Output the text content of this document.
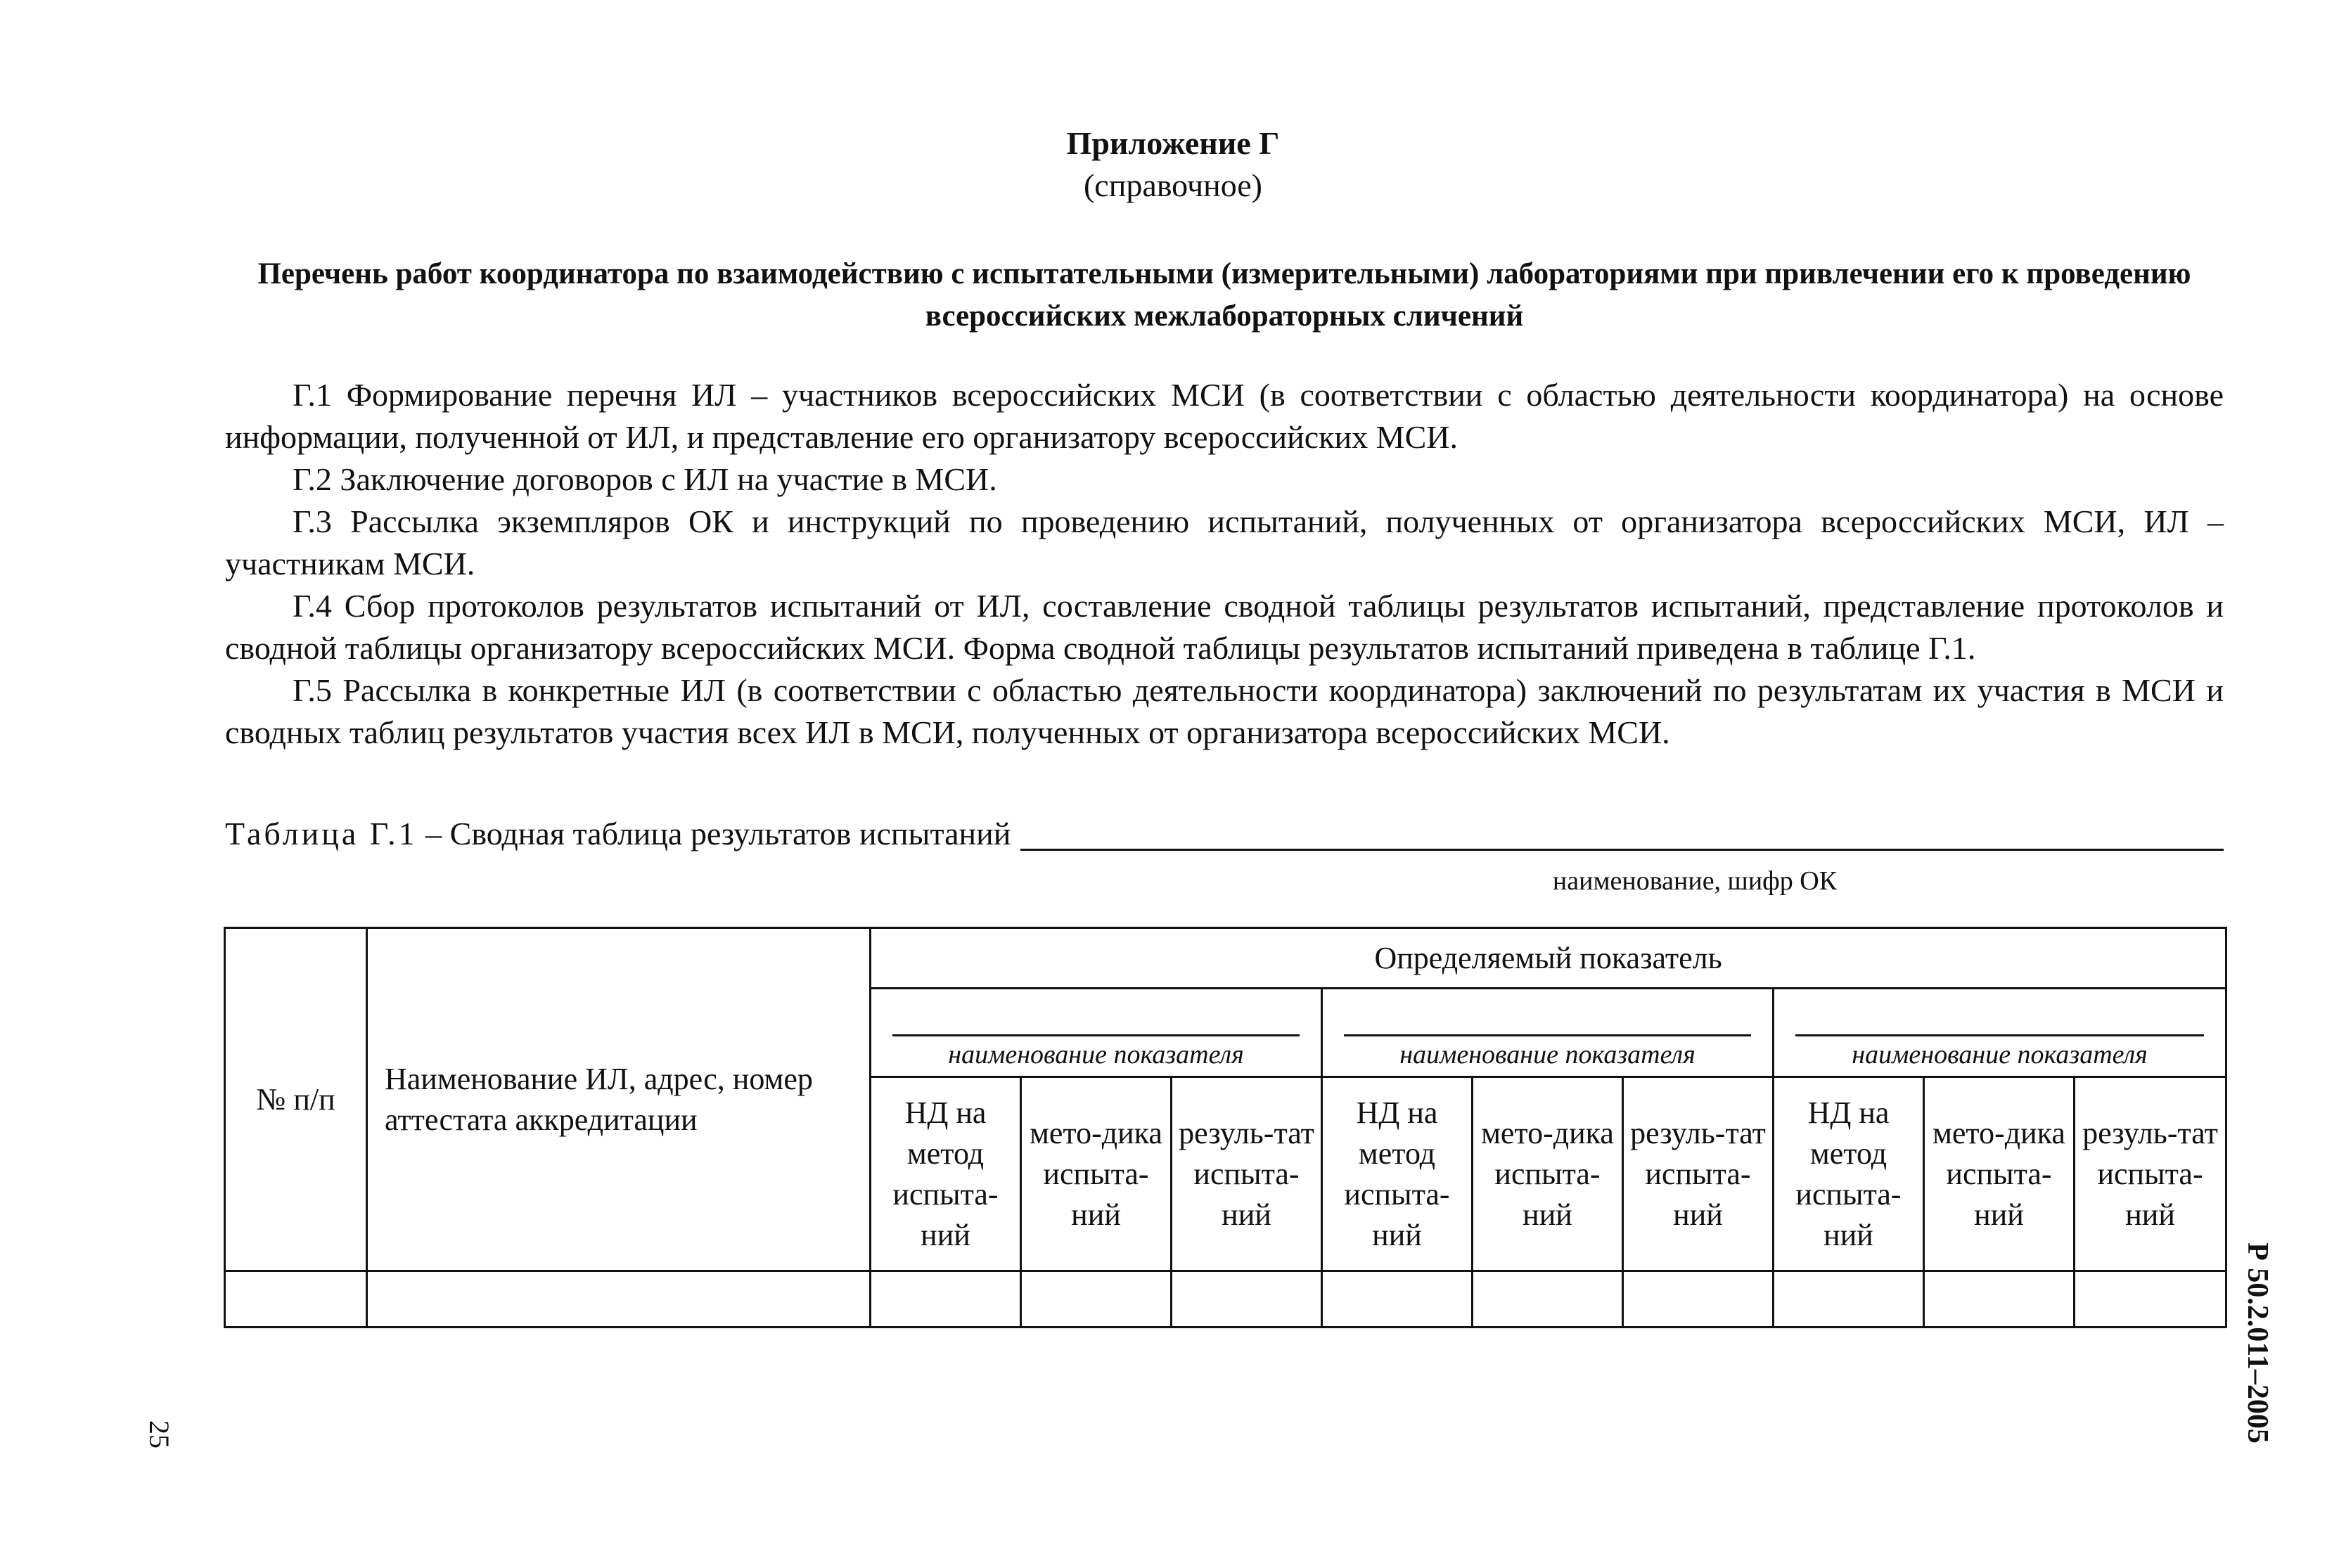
Приложение Г
(справочное)
Перечень работ координатора по взаимодействию с испытательными (измерительными) лабораториями при привлечении его к проведению всероссийских межлабораторных сличений

Г.1 Формирование перечня ИЛ – участников всероссийских МСИ (в соответствии с областью деятельности координатора) на основе информации, полученной от ИЛ, и представление его организатору всероссийских МСИ.

Г.2 Заключение договоров с ИЛ на участие в МСИ.

Г.3 Рассылка экземпляров ОК и инструкций по проведению испытаний, полученных от организатора всероссийских МСИ, ИЛ – участникам МСИ.

Г.4 Сбор протоколов результатов испытаний от ИЛ, составление сводной таблицы результатов испытаний, представление протоколов и сводной таблицы организатору всероссийских МСИ. Форма сводной таблицы результатов испытаний приведена в таблице Г.1.

Г.5 Рассылка в конкретные ИЛ (в соответствии с областью деятельности координатора) заключений по результатам их участия в МСИ и сводных таблиц результатов участия всех ИЛ в МСИ, полученных от организатора всероссийских МСИ.

Таблица Г.1 – Сводная таблица результатов испытаний
наименование, шифр ОК
№ п/п	Наименование ИЛ, адрес, номер аттестата аккредитации	Определяемый показатель								

		наименование показателя			наименование показателя			наименование показателя		

		НД на метод испыта-ний	мето-дика испыта-ний	резуль-тат испыта-ний	НД на метод испыта-ний	мето-дика испыта-ний	резуль-тат испыта-ний	НД на метод испыта-ний	мето-дика испыта-ний	резуль-тат испыта-ний

25	Р 50.2.011–2005
